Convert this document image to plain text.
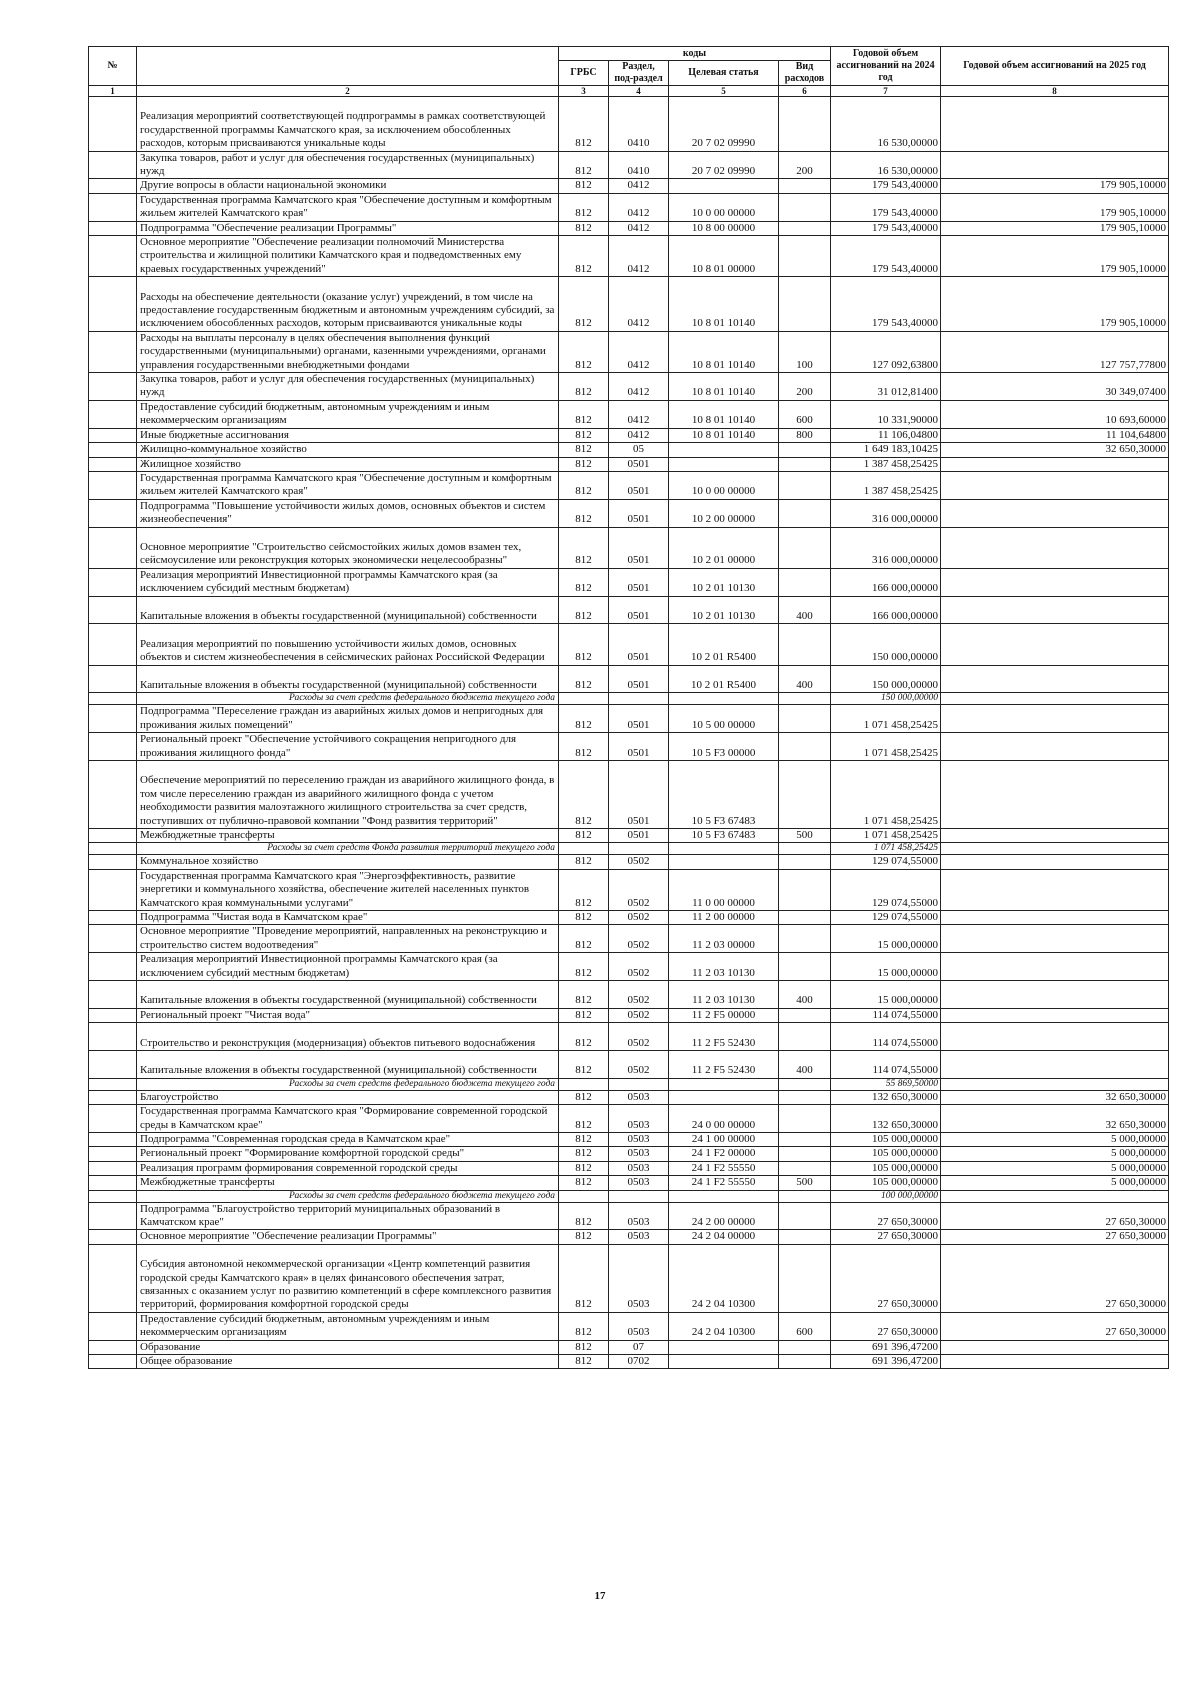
№		коды				Годовой объем ассигнований на 2024 год	Годовой объем ассигнований на 2025 год
		ГРБС	Раздел, под-раздел	Целевая статья	Вид расходов		
1	2	3	4	5	6	7	8
	Реализация мероприятий соответствующей подпрограммы в рамках соответствующей государственной программы Камчатского края, за исключением обособленных расходов, которым присваиваются уникальные коды	812	0410	20 7 02 09990		16 530,00000	
	Закупка товаров, работ и услуг для обеспечения государственных (муниципальных) нужд	812	0410	20 7 02 09990	200	16 530,00000	
	Другие вопросы в области национальной экономики	812	0412			179 543,40000	179 905,10000
	Государственная программа Камчатского края "Обеспечение доступным и комфортным жильем жителей Камчатского края"	812	0412	10 0 00 00000		179 543,40000	179 905,10000
	Подпрограмма "Обеспечение реализации Программы"	812	0412	10 8 00 00000		179 543,40000	179 905,10000
	Основное мероприятие "Обеспечение реализации полномочий Министерства строительства и жилищной политики Камчатского края и подведомственных ему краевых государственных учреждений"	812	0412	10 8 01 00000		179 543,40000	179 905,10000
	Расходы на обеспечение деятельности (оказание услуг) учреждений, в том числе на предоставление государственным бюджетным и автономным учреждениям субсидий, за исключением обособленных расходов, которым присваиваются уникальные коды	812	0412	10 8 01 10140		179 543,40000	179 905,10000
	Расходы на выплаты персоналу в целях обеспечения выполнения функций государственными (муниципальными) органами, казенными учреждениями, органами управления государственными внебюджетными фондами	812	0412	10 8 01 10140	100	127 092,63800	127 757,77800
	Закупка товаров, работ и услуг для обеспечения государственных (муниципальных) нужд	812	0412	10 8 01 10140	200	31 012,81400	30 349,07400
	Предоставление субсидий бюджетным, автономным учреждениям и иным некоммерческим организациям	812	0412	10 8 01 10140	600	10 331,90000	10 693,60000
	Иные бюджетные ассигнования	812	0412	10 8 01 10140	800	11 106,04800	11 104,64800
	Жилищно-коммунальное хозяйство	812	05			1 649 183,10425	32 650,30000
	Жилищное хозяйство	812	0501			1 387 458,25425	
	Государственная программа Камчатского края "Обеспечение доступным и комфортным жильем жителей Камчатского края"	812	0501	10 0 00 00000		1 387 458,25425	
	Подпрограмма "Повышение устойчивости жилых домов, основных объектов и систем жизнеобеспечения"	812	0501	10 2 00 00000		316 000,00000	
	Основное мероприятие "Строительство сейсмостойких жилых домов взамен тех, сейсмоусиление или реконструкция которых экономически нецелесообразны"	812	0501	10 2 01 00000		316 000,00000	
	Реализация мероприятий Инвестиционной программы Камчатского края (за исключением субсидий местным бюджетам)	812	0501	10 2 01 10130		166 000,00000	
	Капитальные вложения в объекты государственной (муниципальной) собственности	812	0501	10 2 01 10130	400	166 000,00000	
	Реализация мероприятий по повышению устойчивости жилых домов, основных объектов и систем жизнеобеспечения в сейсмических районах Российской Федерации	812	0501	10 2 01 R5400		150 000,00000	
	Капитальные вложения в объекты государственной (муниципальной) собственности	812	0501	10 2 01 R5400	400	150 000,00000	
	Расходы за счет средств федерального бюджета текущего года					150 000,00000	
	Подпрограмма "Переселение граждан из аварийных жилых домов и непригодных для проживания жилых помещений"	812	0501	10 5 00 00000		1 071 458,25425	
	Региональный проект "Обеспечение устойчивого сокращения непригодного для проживания жилищного фонда"	812	0501	10 5 F3 00000		1 071 458,25425	
	Обеспечение мероприятий по переселению граждан из аварийного жилищного фонда, в том числе переселению граждан из аварийного жилищного фонда с учетом необходимости развития малоэтажного жилищного строительства за счет средств, поступивших от публично-правовой компании "Фонд развития территорий"	812	0501	10 5 F3 67483		1 071 458,25425	
	Межбюджетные трансферты	812	0501	10 5 F3 67483	500	1 071 458,25425	
	Расходы за счет средств Фонда развития территорий текущего года					1 071 458,25425	
	Коммунальное хозяйство	812	0502			129 074,55000	
	Государственная программа Камчатского края "Энергоэффективность, развитие энергетики и коммунального хозяйства, обеспечение жителей населенных пунктов Камчатского края коммунальными услугами"	812	0502	11 0 00 00000		129 074,55000	
	Подпрограмма "Чистая вода в Камчатском крае"	812	0502	11 2 00 00000		129 074,55000	
	Основное мероприятие "Проведение мероприятий, направленных на реконструкцию и строительство систем водоотведения"	812	0502	11 2 03 00000		15 000,00000	
	Реализация мероприятий Инвестиционной программы Камчатского края (за исключением субсидий местным бюджетам)	812	0502	11 2 03 10130		15 000,00000	
	Капитальные вложения в объекты государственной (муниципальной) собственности	812	0502	11 2 03 10130	400	15 000,00000	
	Региональный проект "Чистая вода"	812	0502	11 2 F5 00000		114 074,55000	
	Строительство и реконструкция (модернизация) объектов питьевого водоснабжения	812	0502	11 2 F5 52430		114 074,55000	
	Капитальные вложения в объекты государственной (муниципальной) собственности	812	0502	11 2 F5 52430	400	114 074,55000	
	Расходы за счет средств федерального бюджета текущего года					55 869,50000	
	Благоустройство	812	0503			132 650,30000	32 650,30000
	Государственная программа Камчатского края "Формирование современной городской среды в Камчатском крае"	812	0503	24 0 00 00000		132 650,30000	32 650,30000
	Подпрограмма "Современная городская среда в Камчатском крае"	812	0503	24 1 00 00000		105 000,00000	5 000,00000
	Региональный проект "Формирование комфортной городской среды"	812	0503	24 1 F2 00000		105 000,00000	5 000,00000
	Реализация программ формирования современной городской среды	812	0503	24 1 F2 55550		105 000,00000	5 000,00000
	Межбюджетные трансферты	812	0503	24 1 F2 55550	500	105 000,00000	5 000,00000
	Расходы за счет средств федерального бюджета текущего года					100 000,00000	
	Подпрограмма "Благоустройство территорий муниципальных образований в Камчатском крае"	812	0503	24 2 00 00000		27 650,30000	27 650,30000
	Основное мероприятие "Обеспечение реализации Программы"	812	0503	24 2 04 00000		27 650,30000	27 650,30000
	Субсидия автономной некоммерческой организации «Центр компетенций развития городской среды Камчатского края» в целях финансового обеспечения затрат, связанных с оказанием услуг по развитию компетенций в сфере комплексного развития территорий, формирования комфортной городской среды	812	0503	24 2 04 10300		27 650,30000	27 650,30000
	Предоставление субсидий бюджетным, автономным учреждениям и иным некоммерческим организациям	812	0503	24 2 04 10300	600	27 650,30000	27 650,30000
	Образование	812	07			691 396,47200	
	Общее образование	812	0702			691 396,47200	
17
